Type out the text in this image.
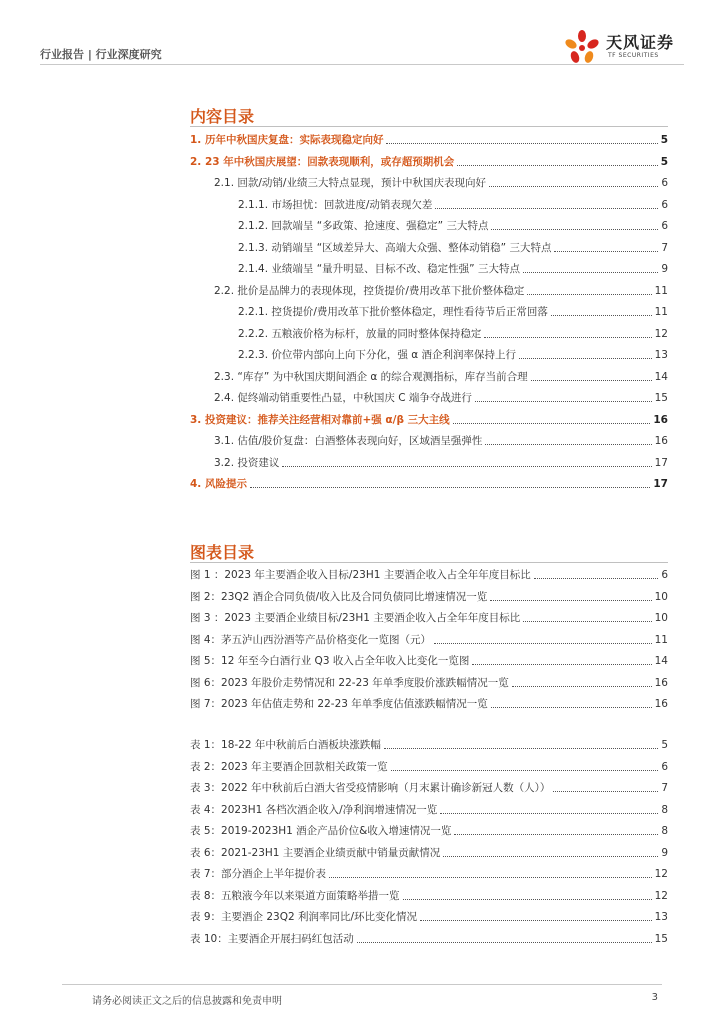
行业报告 | 行业深度研究
天风证券
TF SECURITIES
内容目录
1. 历年中秋国庆复盘：实际表现稳定向好	5
2. 23 年中秋国庆展望：回款表现顺利，或存超预期机会	5
2.1. 回款/动销/业绩三大特点显现，预计中秋国庆表现向好	6
2.1.1. 市场担忧：回款进度/动销表现欠差	6
2.1.2. 回款端呈 “多政策、抢速度、强稳定” 三大特点	6
2.1.3. 动销端呈 “区域差异大、高端大众强、整体动销稳” 三大特点	7
2.1.4. 业绩端呈 “量升明显、目标不改、稳定性强” 三大特点	9
2.2. 批价是品牌力的表现体现，控货提价/费用改革下批价整体稳定	11
2.2.1. 控货提价/费用改革下批价整体稳定，理性看待节后正常回落	11
2.2.2. 五粮液价格为标杆，放量的同时整体保持稳定	12
2.2.3. 价位带内部向上向下分化，强 α 酒企利润率保持上行	13
2.3. “库存” 为中秋国庆期间酒企 α 的综合观测指标，库存当前合理	14
2.4. 促终端动销重要性凸显，中秋国庆 C 端争夺战进行	15
3. 投资建议：推荐关注经营相对靠前+强 α/β 三大主线	16
3.1. 估值/股价复盘：白酒整体表现向好，区域酒呈强弹性	16
3.2. 投资建议	17
4. 风险提示	17
图表目录
图 1 ：2023 年主要酒企收入目标/23H1 主要酒企收入占全年年度目标比	6
图 2：23Q2 酒企合同负债/收入比及合同负债同比增速情况一览	10
图 3 ：2023 主要酒企业绩目标/23H1 主要酒企收入占全年年度目标比	10
图 4：茅五泸山西汾酒等产品价格变化一览图（元）	11
图 5：12 年至今白酒行业 Q3 收入占全年收入比变化一览图	14
图 6：2023 年股价走势情况和 22-23 年单季度股价涨跌幅情况一览	16
图 7：2023 年估值走势和 22-23 年单季度估值涨跌幅情况一览	16
表 1：18-22 年中秋前后白酒板块涨跌幅	5
表 2：2023 年主要酒企回款相关政策一览	6
表 3：2022 年中秋前后白酒大省受疫情影响（月末累计确诊新冠人数（人））	7
表 4：2023H1 各档次酒企收入/净利润增速情况一览	8
表 5：2019-2023H1 酒企产品价位&收入增速情况一览	8
表 6：2021-23H1 主要酒企业绩贡献中销量贡献情况	9
表 7：部分酒企上半年提价表	12
表 8：五粮液今年以来渠道方面策略举措一览	12
表 9：主要酒企 23Q2 利润率同比/环比变化情况	13
表 10：主要酒企开展扫码红包活动	15
请务必阅读正文之后的信息披露和免责申明	3
